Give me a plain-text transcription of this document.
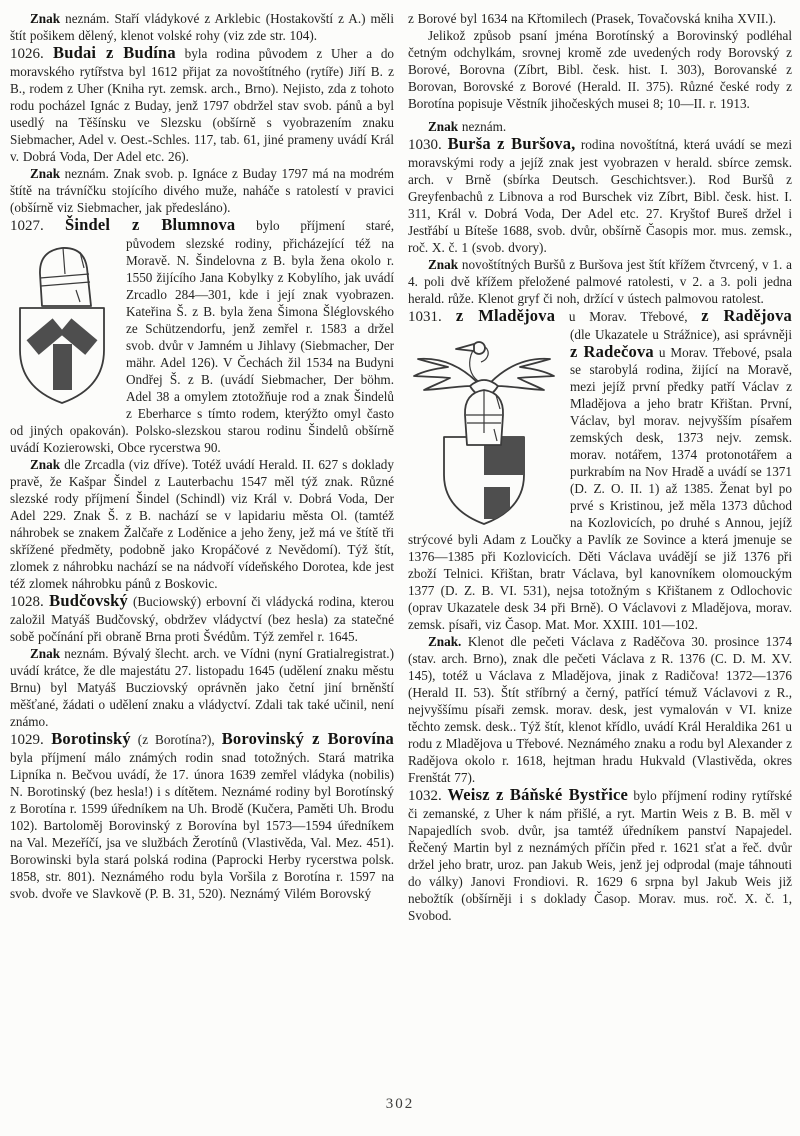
Znak neznám. Staří vládykové z Arklebic (Hostakovští z A.) měli štít pošikem dělený, klenot volské rohy (viz zde str. 104).

1026. Budai z Budína byla rodina původem z Uher a do moravského rytířstva byl 1612 přijat za novoštítného (rytíře) Jiří B. z B., rodem z Uher (Kniha ryt. zemsk. arch., Brno). Nejisto, zda z tohoto rodu pocházel Ignác z Buday, jenž 1797 obdržel stav svob. pánů a byl usedlý na Těšínsku ve Slezsku (obšírně s vyobrazením znaku Siebmacher, Adel v. Oest.-Schles. 117, tab. 61, jiné prameny uvádí Král v. Dobrá Voda, Der Adel etc. 26).

Znak neznám. Znak svob. p. Ignáce z Buday 1797 má na modrém štítě na trávníčku stojícího divého muže, naháče s ratolestí v pravici (obšírně viz Siebmacher, jak předesláno).

1027. Šindel z Blumnova bylo příjmení staré,

původem slezské rodiny, přicházející též na Moravě. N. Šindelovna z B. byla žena okolo r. 1550 žijícího Jana Kobylky z Kobylího, jak uvádí Zrcadlo 284—301, kde i její znak vyobrazen. Kateřina Š. z B. byla žena Šimona Šléglovského ze Schützendorfu, jenž zemřel r. 1583 a držel svob. dvůr v Jamném u Jihlavy (Siebmacher, Der mähr. Adel 126). V Čechách žil 1534 na Budyni Ondřej Š. z B. (uvádí Siebmacher, Der böhm. Adel 38 a omylem ztotožňuje rod a znak Šindelů z Eberharce s tímto rodem, kterýžto omyl často od jiných opakován). Polsko-slezskou starou rodinu Šindelů obšírně uvádí Kozierowski, Obce rycerstwa 90.

Znak dle Zrcadla (viz dříve). Totéž uvádí Herald. II. 627 s doklady pravě, že Kašpar Šindel z Lauterbachu 1547 měl týž znak. Různé slezské rody příjmení Šindel (Schindl) viz Král v. Dobrá Voda, Der Adel 229. Znak Š. z B. nachází se v lapidariu města Ol. (tamtéž náhrobek se znakem Žalčaře z Loděnice a jeho ženy, jež má ve štítě tři skřížené předměty, podobně jako Kropáčové z Nevědomí). Týž štít, zlomek z náhrobku nachází se na nádvoří vídeňského Dorotea, kde jest též zlomek náhrobku pánů z Boskovic.

1028. Budčovský (Buciowský) erbovní či vládycká rodina, kterou založil Matyáš Budčovský, obdržev vládyctví (bez hesla) za statečné sobě počínání při obraně Brna proti Švédům. Týž zemřel r. 1645.

Znak neznám. Bývalý šlecht. arch. ve Vídni (nyní Gratialregistrat.) uvádí krátce, že dle majestátu 27. listopadu 1645 (udělení znaku městu Brnu) byl Matyáš Bucziovský oprávněn jako četní jiní brněnští měšťané, žádati o udělení znaku a vládyctví. Zdali tak také učinil, není známo.

1029. Borotinský (z Borotína?), Borovinský z Borovína byla příjmení málo známých rodin snad totožných. Stará matrika Lipníka n. Bečvou uvádí, že 17. února 1639 zemřel vládyka (nobilis) N. Borotinský (bez hesla!) i s dítětem. Neznámé rodiny byl Borotínský z Borotína r. 1599 úředníkem na Uh. Brodě (Kučera, Paměti Uh. Brodu 102). Bartoloměj Borovinský z Borovína byl 1573—1594 úředníkem na Val. Mezeříčí, jsa ve službách Žerotínů (Vlastivěda, Val. Mez. 451). Borowinski byla stará polská rodina (Paprocki Herby rycerstwa polsk. 1858, str. 801). Neznámého rodu byla Voršila z Borotína r. 1597 na svob. dvoře ve Slavkově (P. B. 31, 520). Neznámý Vilém Borovský

z Borové byl 1634 na Křtomilech (Prasek, Tovačovská kniha XVII.).

Jelikož způsob psaní jména Borotínský a Borovinský podléhal četným odchylkám, srovnej kromě zde uvedených rody Borovský z Borové, Borovna (Zíbrt, Bibl. česk. hist. I. 303), Borovanské z Borovan, Borovské z Borové (Herald. II. 375). Různé české rody z Borotína popisuje Věstník jihočeských musei 8; 10—II. r. 1913.

Znak neznám.

1030. Burša z Buršova, rodina novoštítná, která uvádí se mezi moravskými rody a jejíž znak jest vyobrazen v herald. sbírce zemsk. arch. v Brně (sbírka Deutsch. Geschichtsver.). Rod Buršů z Greyfenbachů z Libnova a rod Burschek viz Zíbrt, Bibl. česk. hist. I. 311, Král v. Dobrá Voda, Der Adel etc. 27. Kryštof Bureš držel i Jestřábí u Bíteše 1688, svob. dvůr, obšírně Časopis mor. mus. zemsk., roč. X. č. 1 (svob. dvory).

Znak novoštítných Buršů z Buršova jest štít křížem čtvrcený, v 1. a 4. poli dvě křížem přeložené palmové ratolesti, v 2. a 3. poli jedna herald. růže. Klenot gryf či noh, držící v ústech palmovou ratolest.

1031. z Mladějova u Morav. Třebové, z Radějova

(dle Ukazatele u Strážnice), asi správněji z Radečova u Morav. Třebové, psala se starobylá rodina, žijící na Moravě, mezi jejíž první předky patří Václav z Mladějova a jeho bratr Křištan. První, Václav, byl morav. nejvyšším písařem zemských desk, 1373 nejv. zemsk. morav. notářem, 1374 protonotářem a purkrabím na Nov Hradě a uvádí se 1371 (D. Z. O. II. 1) až 1385. Ženat byl po prvé s Kristinou, jež měla 1373 důchod na Kozlovicích, po druhé s Annou, jejíž strýcové byli Adam z Loučky a Pavlík ze Sovince a která jmenuje se 1376—1385 při Kozlovicích. Děti Václava uvádějí se již 1376 při zboží Telnici. Křištan, bratr Václava, byl kanovníkem olomouckým 1377 (D. Z. B. VI. 531), nejsa totožným s Křištanem z Odlochovic (oprav Ukazatele desk 34 při Brně). O Václavovi z Mladějova, morav. zemsk. písaři, viz Časop. Mat. Mor. XXIII. 101—102.

Znak. Klenot dle pečeti Václava z Raděčova 30. prosince 1374 (stav. arch. Brno), znak dle pečeti Václava z R. 1376 (C. D. M. XV. 145), totéž u Václava z Mladějova, jinak z Radičova! 1372—1376 (Herald II. 53). Štít stříbrný a černý, patřící témuž Václavovi z R., nejvyššímu písaři zemsk. morav. desk, jest vymalován v VI. knize těchto zemsk. desk.. Týž štít, klenot křídlo, uvádí Král Heraldika 261 u rodu z Mladějova u Třebové. Neznámého znaku a rodu byl Alexander z Radějova okolo r. 1618, hejtman hradu Hukvald (Vlastivěda, okres Frenštát 77).

1032. Weisz z Báňské Bystřice bylo příjmení rodiny rytířské či zemanské, z Uher k nám přišlé, a ryt. Martin Weis z B. B. měl v Napajedlích svob. dvůr, jsa tamtéž úředníkem panství Napajedel. Řečený Martin byl z neznámých příčin před r. 1621 sťat a řeč. dvůr držel jeho bratr, uroz. pan Jakub Weis, jenž jej odprodal (maje táhnouti do války) Janovi Frondiovi. R. 1629 6 srpna byl Jakub Weis již nebožtík (obšírněji i s doklady Časop. Morav. mus. roč. X. č. 1, Svobod.

302
